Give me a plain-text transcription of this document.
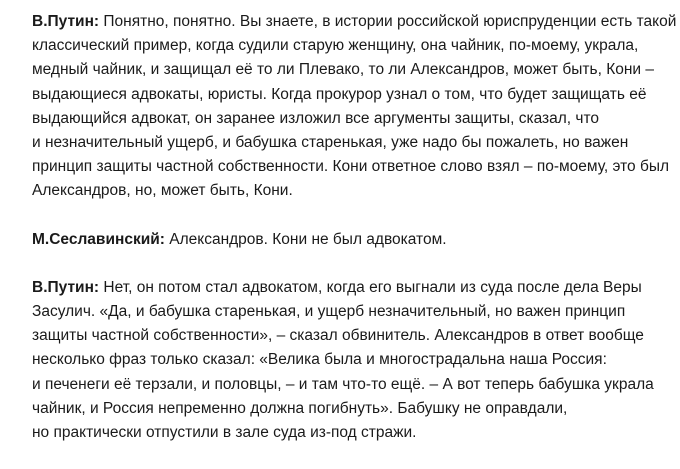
В.Путин: Понятно, понятно. Вы знаете, в истории российской юриспруденции есть такой
классический пример, когда судили старую женщину, она чайник, по-моему, украла,
медный чайник, и защищал её то ли Плевако, то ли Александров, может быть, Кони –
выдающиеся адвокаты, юристы. Когда прокурор узнал о том, что будет защищать её
выдающийся адвокат, он заранее изложил все аргументы защиты, сказал, что
и незначительный ущерб, и бабушка старенькая, уже надо бы пожалеть, но важен
принцип защиты частной собственности. Кони ответное слово взял – по-моему, это был
Александров, но, может быть, Кони.

М.Сеславинский: Александров. Кони не был адвокатом.

В.Путин: Нет, он потом стал адвокатом, когда его выгнали из суда после дела Веры
Засулич. «Да, и бабушка старенькая, и ущерб незначительный, но важен принцип
защиты частной собственности», – сказал обвинитель. Александров в ответ вообще
несколько фраз только сказал: «Велика была и многострадальна наша Россия:
и печенеги её терзали, и половцы, – и там что-то ещё. – А вот теперь бабушка украла
чайник, и Россия непременно должна погибнуть». Бабушку не оправдали,
но практически отпустили в зале суда из-под стражи.
